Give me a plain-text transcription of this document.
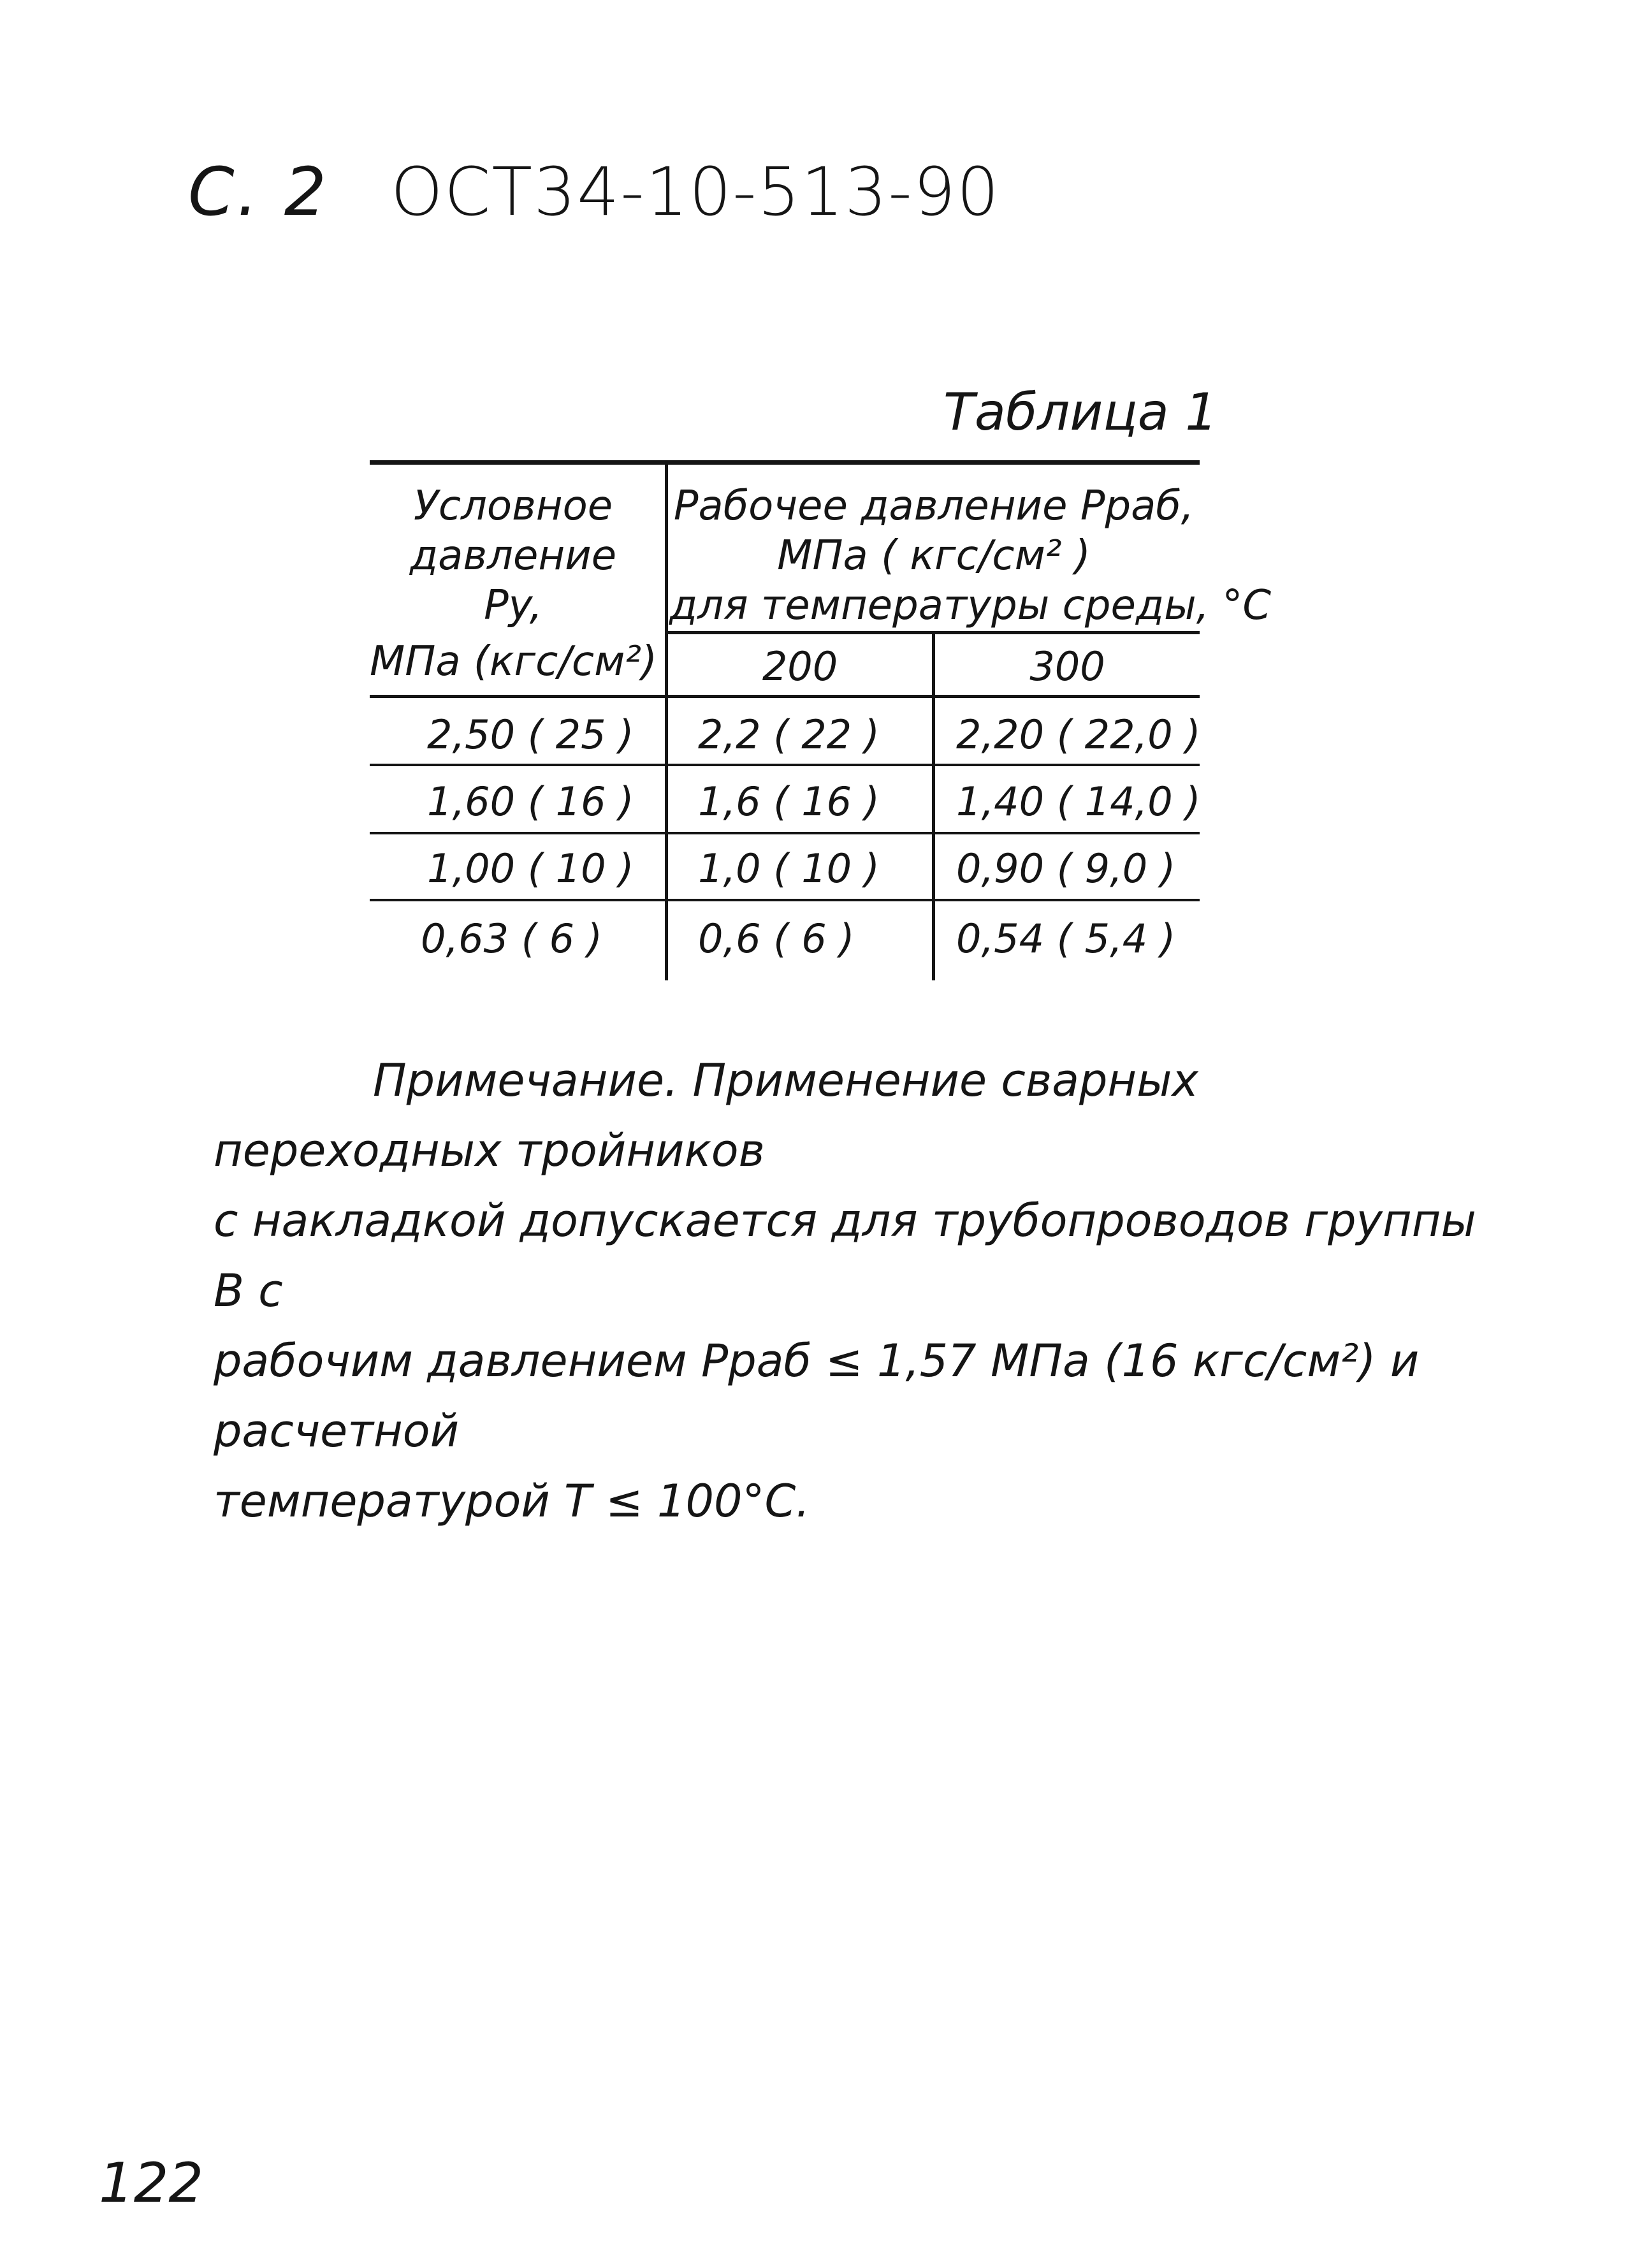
С. 2 ОСТ34-10-513-90
Таблица 1
Условное
давление
Py,
МПа (кгс/см²)
Рабочее давление Рраб,
МПа ( кгс/см² )
для температуры среды, °С
200	300
2,50 ( 25 ) 2,2 ( 22 ) 2,20 ( 22,0 )
1,60 ( 16 ) 1,6 ( 16 ) 1,40 ( 14,0 )
1,00 ( 10 ) 1,0 ( 10 ) 0,90 ( 9,0 )
0,63 ( 6 ) 0,6 ( 6 )	0,54 ( 5,4 )
Примечание. Применение сварных переходных тройников
с накладкой допускается для трубопроводов группы В с
рабочим давлением Рраб ≤ 1,57 МПа (16 кгс/см²) и расчетной
температурой Т ≤ 100°С.
122
